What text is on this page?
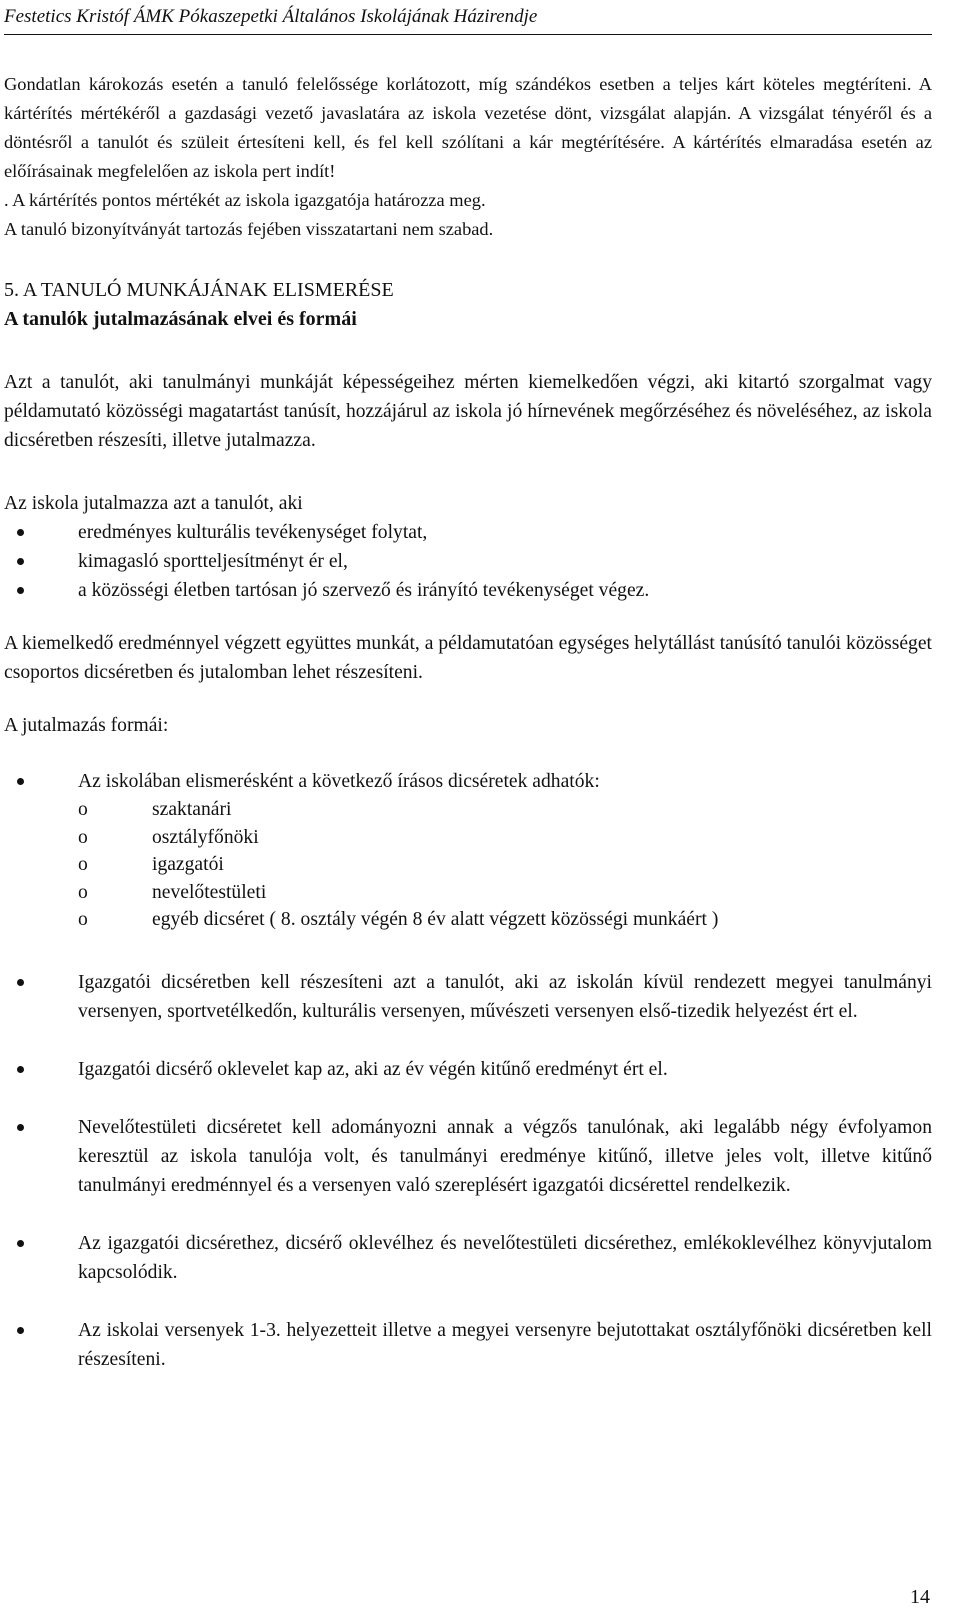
Festetics Kristóf ÁMK Pókaszepetki Általános Iskolájának Házirendje

Gondatlan károkozás esetén a tanuló felelőssége korlátozott, míg szándékos esetben a teljes kárt köteles megtéríteni. A kártérítés mértékéről a gazdasági vezető javaslatára az iskola vezetése dönt, vizsgálat alapján. A vizsgálat tényéről és a döntésről a tanulót és szüleit értesíteni kell, és fel kell szólítani a kár megtérítésére. A kártérítés elmaradása esetén az előírásainak megfelelően az iskola pert indít!

. A kártérítés pontos mértékét az iskola igazgatója határozza meg.

A tanuló bizonyítványát tartozás fejében visszatartani nem szabad.

5. A TANULÓ MUNKÁJÁNAK ELISMERÉSE

A tanulók jutalmazásának elvei és formái

Azt a tanulót, aki tanulmányi munkáját képességeihez mérten kiemelkedően végzi, aki kitartó szorgalmat vagy példamutató közösségi magatartást tanúsít, hozzájárul az iskola jó hírnevének megőrzéséhez és növeléséhez, az iskola dicséretben részesíti, illetve jutalmazza.

Az iskola jutalmazza azt a tanulót, aki

eredményes kulturális tevékenységet folytat,
kimagasló sportteljesítményt ér el,
a közösségi életben tartósan jó szervező és irányító tevékenységet végez.

A kiemelkedő eredménnyel végzett együttes munkát, a példamutatóan egységes helytállást tanúsító tanulói közösséget csoportos dicséretben és jutalomban lehet részesíteni.

A jutalmazás formái:

Az iskolában elismerésként a következő írásos dicséretek adhatók:
o	szaktanári
o	osztályfőnöki
o	igazgatói
o	nevelőtestületi
o	egyéb dicséret ( 8. osztály végén 8 év alatt végzett közösségi munkáért )
Igazgatói dicséretben kell részesíteni azt a tanulót, aki az iskolán kívül rendezett megyei tanulmányi versenyen, sportvetélkedőn, kulturális versenyen, művészeti versenyen első-tizedik helyezést ért el.
Igazgatói dicsérő oklevelet kap az, aki az év végén kitűnő eredményt ért el.
Nevelőtestületi dicséretet kell adományozni annak a végzős tanulónak, aki legalább négy évfolyamon keresztül az iskola tanulója volt, és tanulmányi eredménye kitűnő, illetve jeles volt, illetve kitűnő tanulmányi eredménnyel és a versenyen való szereplésért igazgatói dicsérettel rendelkezik.
Az igazgatói dicsérethez, dicsérő oklevélhez és nevelőtestületi dicsérethez, emlékoklevélhez könyvjutalom kapcsolódik.
Az iskolai versenyek 1-3. helyezetteit illetve a megyei versenyre bejutottakat osztályfőnöki dicséretben kell részesíteni.
14
